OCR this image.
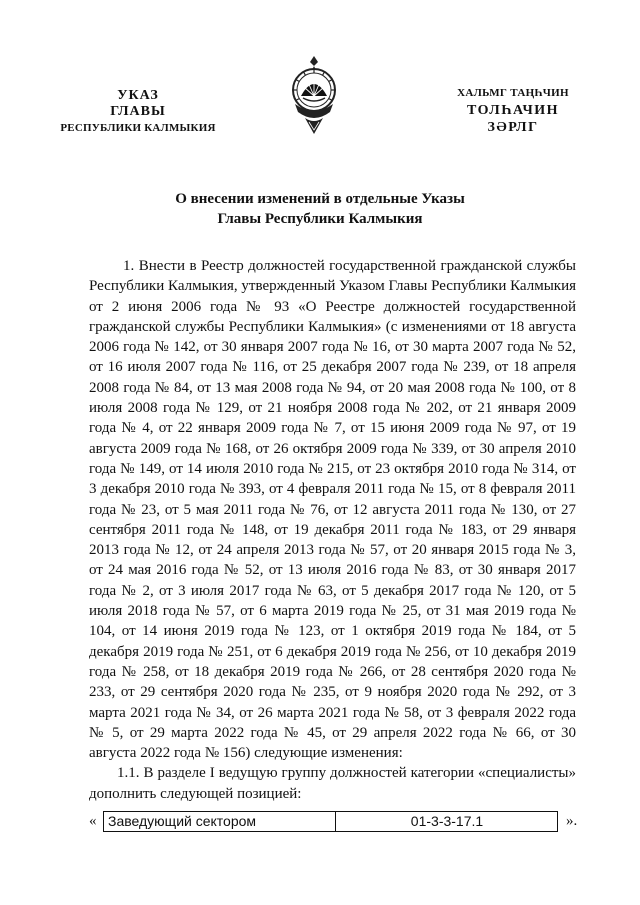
УКАЗ
ГЛАВЫ
РЕСПУБЛИКИ КАЛМЫКИЯ
ХАЛЬМГ ТАҢҺЧИН
ТОЛҺАЧИН
ЗӘРЛГ
О внесении изменений в отдельные Указы
Главы Республики Калмыкия

1. Внести в Реестр должностей государственной гражданской службы Республики Калмыкия, утвержденный Указом Главы Республики Калмыкия от 2 июня 2006 года № 93 «О Реестре должностей государственной гражданской службы Республики Калмыкия» (с изменениями от 18 августа 2006 года № 142, от 30 января 2007 года № 16, от 30 марта 2007 года № 52, от 16 июля 2007 года № 116, от 25 декабря 2007 года № 239, от 18 апреля 2008 года № 84, от 13 мая 2008 года № 94, от 20 мая 2008 года № 100, от 8 июля 2008 года № 129, от 21 ноября 2008 года № 202, от 21 января 2009 года № 4, от 22 января 2009 года № 7, от 15 июня 2009 года № 97, от 19 августа 2009 года № 168, от 26 октября 2009 года № 339, от 30 апреля 2010 года № 149, от 14 июля 2010 года № 215, от 23 октября 2010 года № 314, от 3 декабря 2010 года № 393, от 4 февраля 2011 года № 15, от 8 февраля 2011 года № 23, от 5 мая 2011 года № 76, от 12 августа 2011 года № 130, от 27 сентября 2011 года № 148, от 19 декабря 2011 года № 183, от 29 января 2013 года № 12, от 24 апреля 2013 года № 57, от 20 января 2015 года № 3, от 24 мая 2016 года № 52, от 13 июля 2016 года № 83, от 30 января 2017 года № 2, от 3 июля 2017 года № 63, от 5 декабря 2017 года № 120, от 5 июля 2018 года № 57, от 6 марта 2019 года № 25, от 31 мая 2019 года № 104, от 14 июня 2019 года № 123, от 1 октября 2019 года № 184, от 5 декабря 2019 года № 251, от 6 декабря 2019 года № 256, от 10 декабря 2019 года № 258, от 18 декабря 2019 года № 266, от 28 сентября 2020 года № 233, от 29 сентября 2020 года № 235, от 9 ноября 2020 года № 292, от 3 марта 2021 года № 34, от 26 марта 2021 года № 58, от 3 февраля 2022 года № 5, от 29 марта 2022 года № 45, от 29 апреля 2022 года № 66, от 30 августа 2022 года № 156) следующие изменения:

1.1. В разделе I ведущую группу должностей категории «специалисты» дополнить следующей позицией:

« Заведующий сектором	01-3-3-17.1	».
